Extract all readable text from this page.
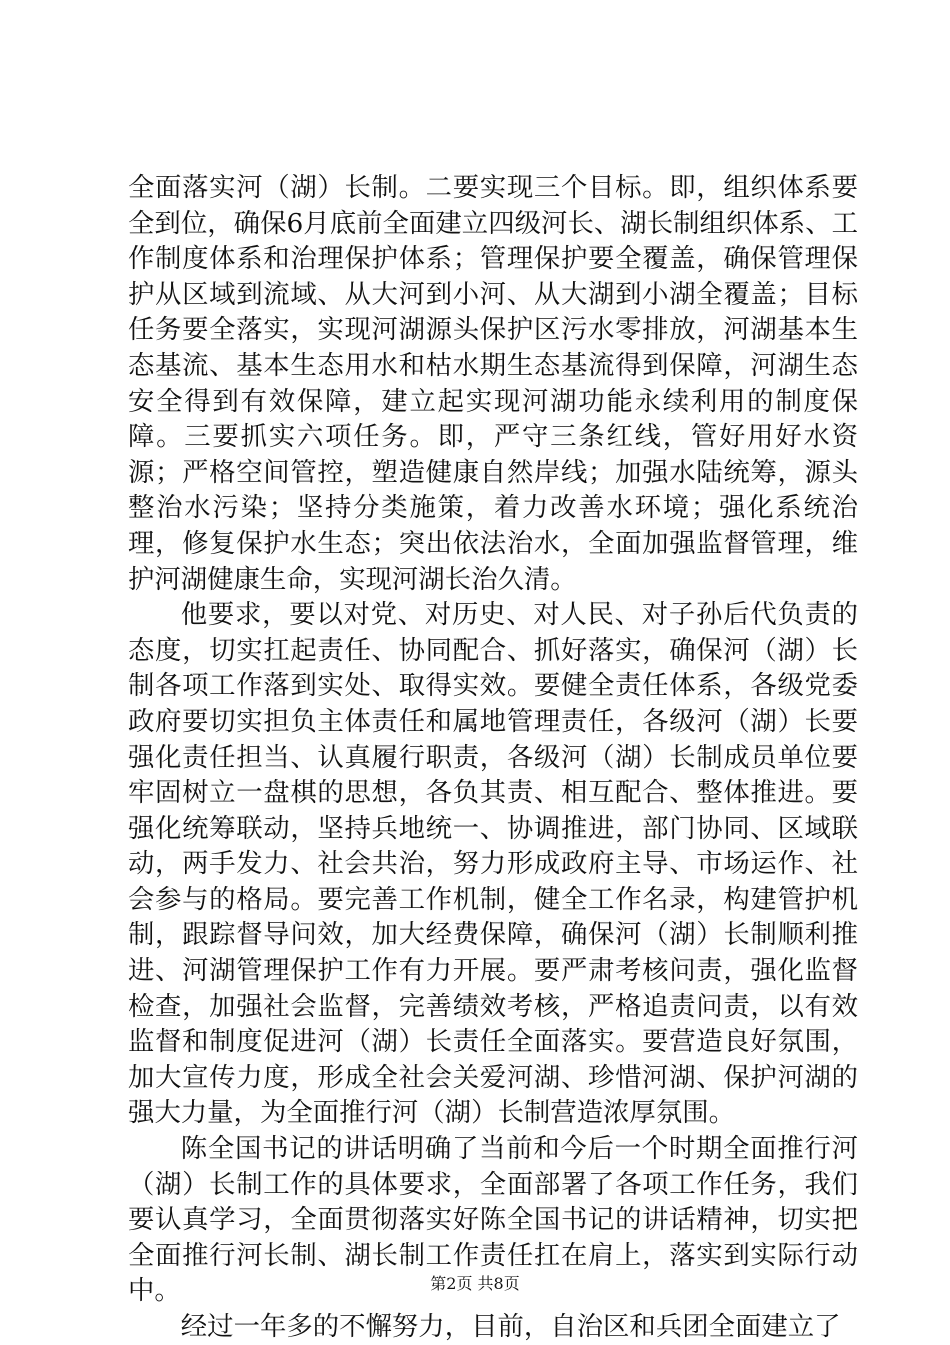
全面落实河（湖）长制。二要实现三个目标。即，组织体系要全到位，确保6月底前全面建立四级河长、湖长制组织体系、工作制度体系和治理保护体系；管理保护要全覆盖，确保管理保护从区域到流域、从大河到小河、从大湖到小湖全覆盖；目标任务要全落实，实现河湖源头保护区污水零排放，河湖基本生态基流、基本生态用水和枯水期生态基流得到保障，河湖生态安全得到有效保障，建立起实现河湖功能永续利用的制度保障。三要抓实六项任务。即，严守三条红线，管好用好水资源；严格空间管控，塑造健康自然岸线；加强水陆统筹，源头整治水污染；坚持分类施策，着力改善水环境；强化系统治理，修复保护水生态；突出依法治水，全面加强监督管理，维护河湖健康生命，实现河湖长治久清。

他要求，要以对党、对历史、对人民、对子孙后代负责的态度，切实扛起责任、协同配合、抓好落实，确保河（湖）长制各项工作落到实处、取得实效。要健全责任体系，各级党委政府要切实担负主体责任和属地管理责任，各级河（湖）长要强化责任担当、认真履行职责，各级河（湖）长制成员单位要牢固树立一盘棋的思想，各负其责、相互配合、整体推进。要强化统筹联动，坚持兵地统一、协调推进，部门协同、区域联动，两手发力、社会共治，努力形成政府主导、市场运作、社会参与的格局。要完善工作机制，健全工作名录，构建管护机制，跟踪督导问效，加大经费保障，确保河（湖）长制顺利推进、河湖管理保护工作有力开展。要严肃考核问责，强化监督检查，加强社会监督，完善绩效考核，严格追责问责，以有效监督和制度促进河（湖）长责任全面落实。要营造良好氛围，加大宣传力度，形成全社会关爱河湖、珍惜河湖、保护河湖的强大力量，为全面推行河（湖）长制营造浓厚氛围。

陈全国书记的讲话明确了当前和今后一个时期全面推行河（湖）长制工作的具体要求，全面部署了各项工作任务，我们要认真学习，全面贯彻落实好陈全国书记的讲话精神，切实把全面推行河长制、湖长制工作责任扛在肩上，落实到实际行动中。

经过一年多的不懈努力，目前，自治区和兵团全面建立了

第2页 共8页
